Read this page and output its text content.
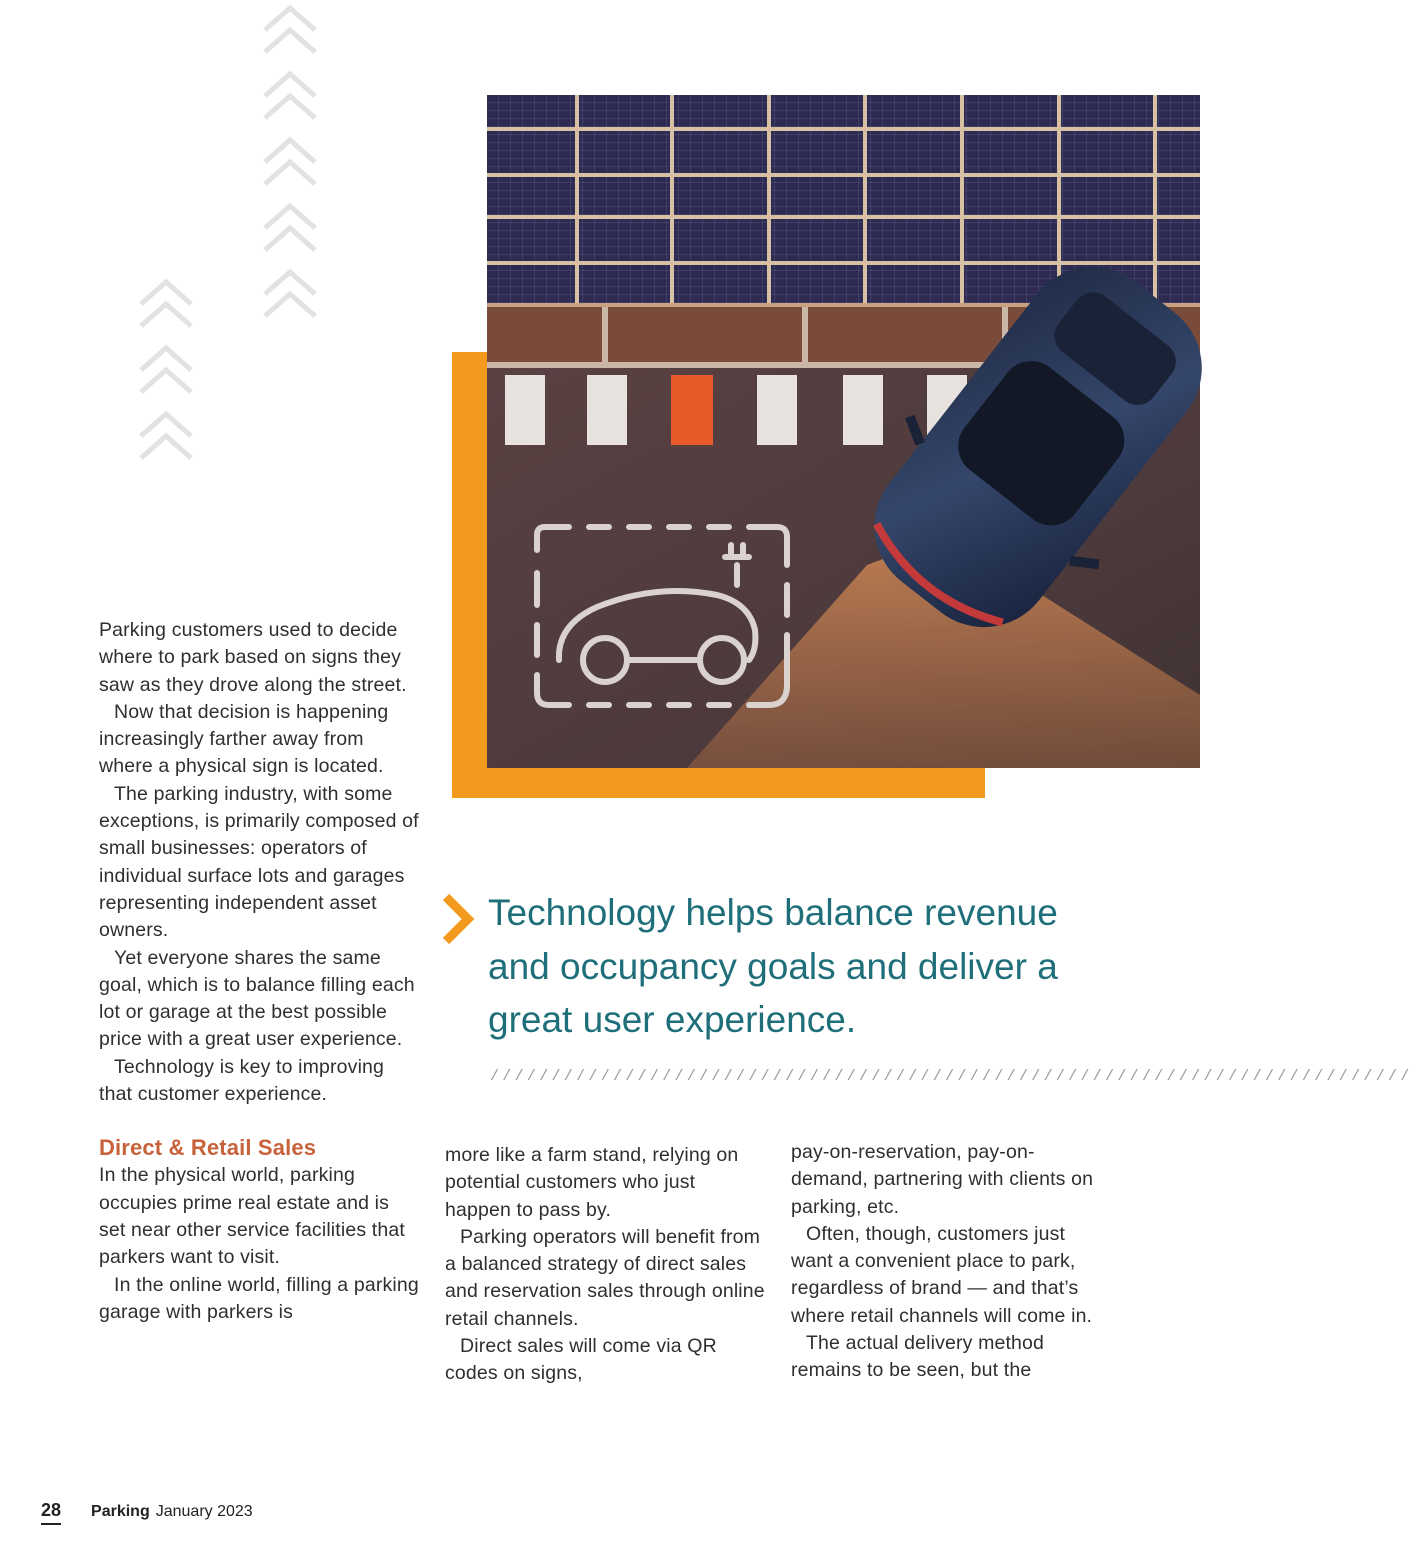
Technology helps balance revenue and occupancy goals and deliver a great user experience.
///////////////////////////////////////////////////////////////////////////

Parking customers used to decide where to park based on signs they saw as they drove along the street.

Now that decision is happening increasingly farther away from where a physical sign is located.

The parking industry, with some exceptions, is primarily composed of small businesses: operators of individual surface lots and garages representing independent asset owners.

Yet everyone shares the same goal, which is to balance filling each lot or garage at the best possible price with a great user experience.

Technology is key to improving that customer experience.

Direct & Retail Sales

In the physical world, parking occupies prime real estate and is set near other service facilities that parkers want to visit.

In the online world, filling a parking garage with parkers is

more like a farm stand, relying on potential customers who just happen to pass by.

Parking operators will benefit from a balanced strategy of direct sales and reservation sales through online retail channels.

Direct sales will come via QR codes on signs,

pay-on-reservation, pay-on-demand, partnering with clients on parking, etc.

Often, though, customers just want a convenient place to park, regardless of brand — and that’s where retail channels will come in.

The actual delivery method remains to be seen, but the

28 Parking January 2023
